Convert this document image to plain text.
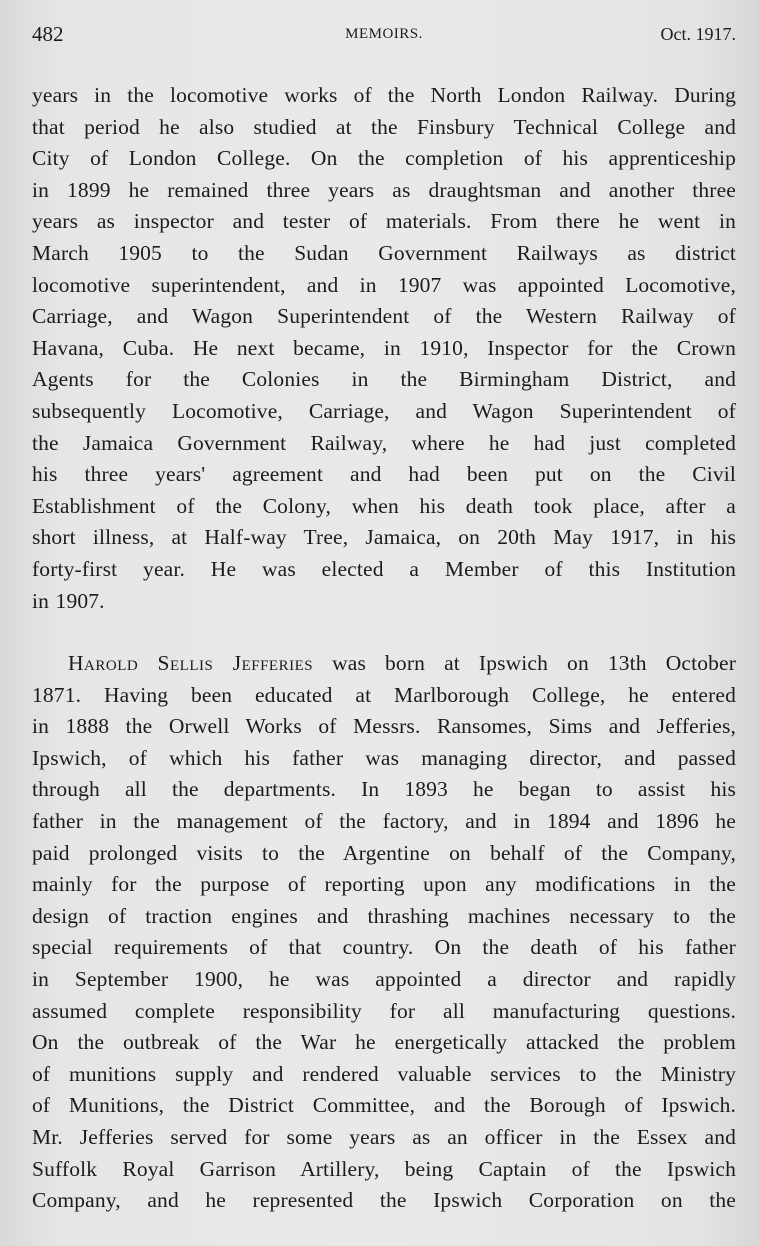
482	MEMOIRS.	Oct. 1917.
years in the locomotive works of the North London Railway. During
that period he also studied at the Finsbury Technical College and
City of London College. On the completion of his apprenticeship
in 1899 he remained three years as draughtsman and another three
years as inspector and tester of materials. From there he went in
March 1905 to the Sudan Government Railways as district
locomotive superintendent, and in 1907 was appointed Locomotive,
Carriage, and Wagon Superintendent of the Western Railway of
Havana, Cuba. He next became, in 1910, Inspector for the Crown
Agents for the Colonies in the Birmingham District, and
subsequently Locomotive, Carriage, and Wagon Superintendent of
the Jamaica Government Railway, where he had just completed
his three years' agreement and had been put on the Civil
Establishment of the Colony, when his death took place, after a
short illness, at Half-way Tree, Jamaica, on 20th May 1917, in his
forty-first year. He was elected a Member of this Institution
in 1907.
Harold Sellis Jefferies was born at Ipswich on 13th October
1871. Having been educated at Marlborough College, he entered
in 1888 the Orwell Works of Messrs. Ransomes, Sims and Jefferies,
Ipswich, of which his father was managing director, and passed
through all the departments. In 1893 he began to assist his
father in the management of the factory, and in 1894 and 1896 he
paid prolonged visits to the Argentine on behalf of the Company,
mainly for the purpose of reporting upon any modifications in the
design of traction engines and thrashing machines necessary to the
special requirements of that country. On the death of his father
in September 1900, he was appointed a director and rapidly
assumed complete responsibility for all manufacturing questions.
On the outbreak of the War he energetically attacked the problem
of munitions supply and rendered valuable services to the Ministry
of Munitions, the District Committee, and the Borough of Ipswich.
Mr. Jefferies served for some years as an officer in the Essex and
Suffolk Royal Garrison Artillery, being Captain of the Ipswich
Company, and he represented the Ipswich Corporation on the
